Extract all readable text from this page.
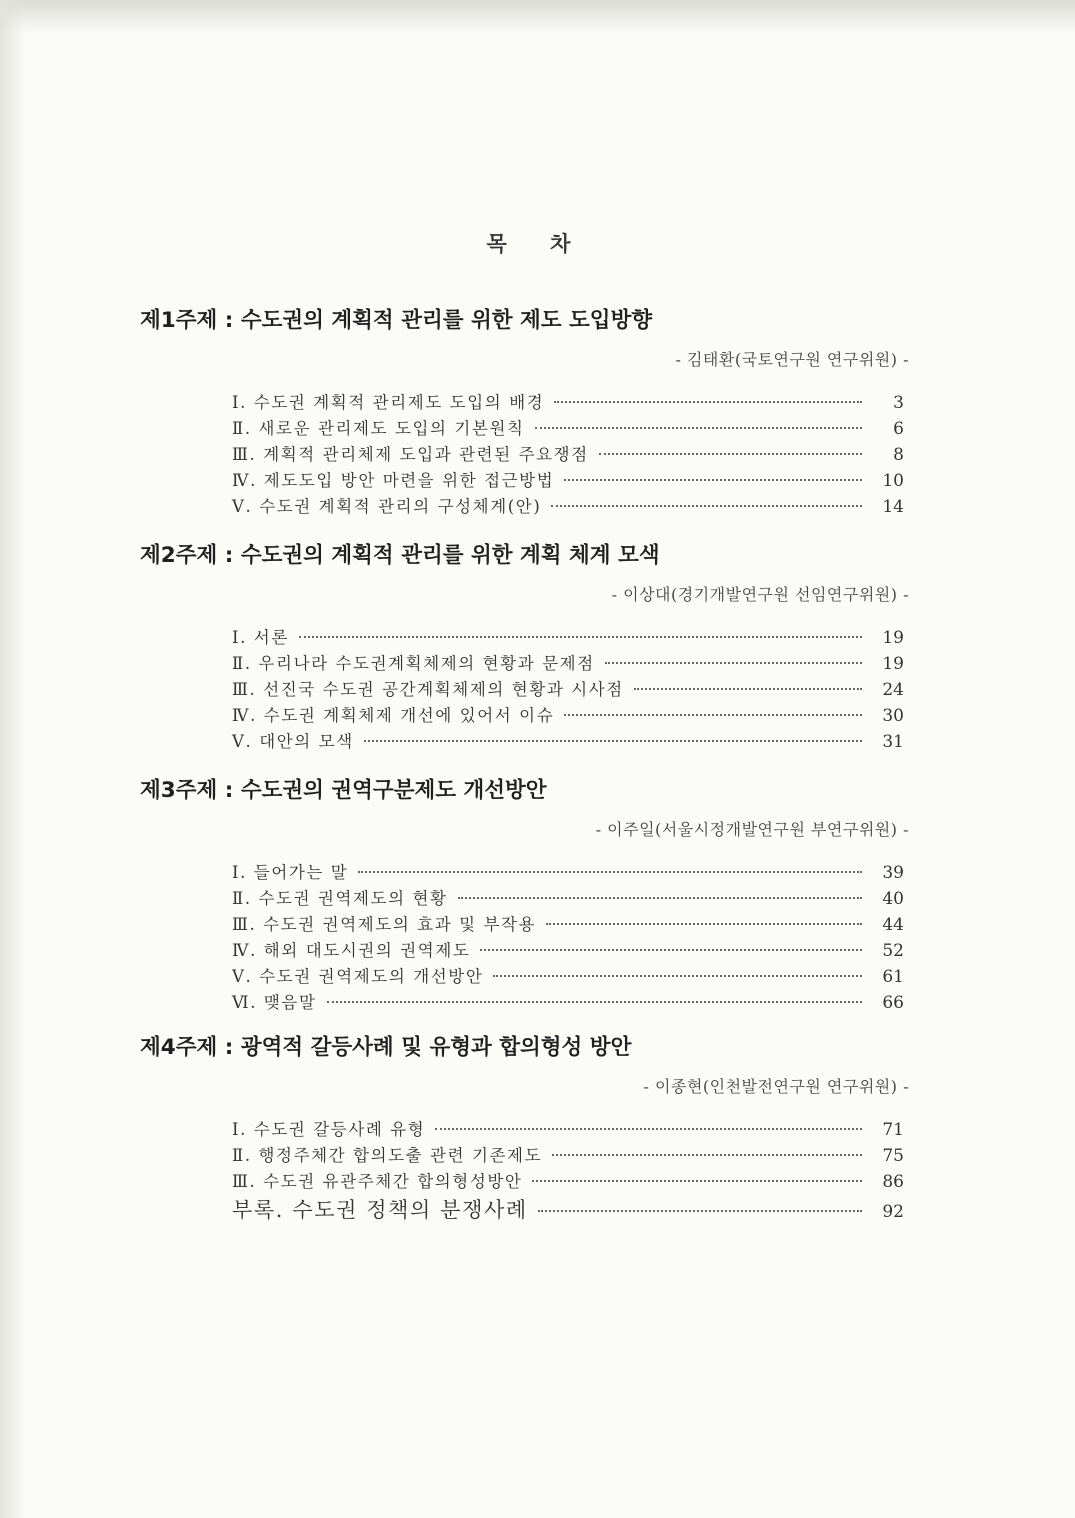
목 차
제1주제 : 수도권의 계획적 관리를 위한 제도 도입방향
- 김태환(국토연구원 연구위원) -
Ⅰ. 수도권 계획적 관리제도 도입의 배경	3
Ⅱ. 새로운 관리제도 도입의 기본원칙	6
Ⅲ. 계획적 관리체제 도입과 관련된 주요쟁점	8
Ⅳ. 제도도입 방안 마련을 위한 접근방법	10
Ⅴ. 수도권 계획적 관리의 구성체계(안)	14
제2주제 : 수도권의 계획적 관리를 위한 계획 체계 모색
- 이상대(경기개발연구원 선임연구위원) -
Ⅰ. 서론	19
Ⅱ. 우리나라 수도권계획체제의 현황과 문제점	19
Ⅲ. 선진국 수도권 공간계획체제의 현황과 시사점	24
Ⅳ. 수도권 계획체제 개선에 있어서 이슈	30
Ⅴ. 대안의 모색	31
제3주제 : 수도권의 권역구분제도 개선방안
- 이주일(서울시정개발연구원 부연구위원) -
Ⅰ. 들어가는 말	39
Ⅱ. 수도권 권역제도의 현황	40
Ⅲ. 수도권 권역제도의 효과 및 부작용	44
Ⅳ. 해외 대도시권의 권역제도	52
Ⅴ. 수도권 권역제도의 개선방안	61
Ⅵ. 맺음말	66
제4주제 : 광역적 갈등사례 및 유형과 합의형성 방안
- 이종현(인천발전연구원 연구위원) -
Ⅰ. 수도권 갈등사례 유형	71
Ⅱ. 행정주체간 합의도출 관련 기존제도	75
Ⅲ. 수도권 유관주체간 합의형성방안	86
부록. 수도권 정책의 분쟁사례	92
